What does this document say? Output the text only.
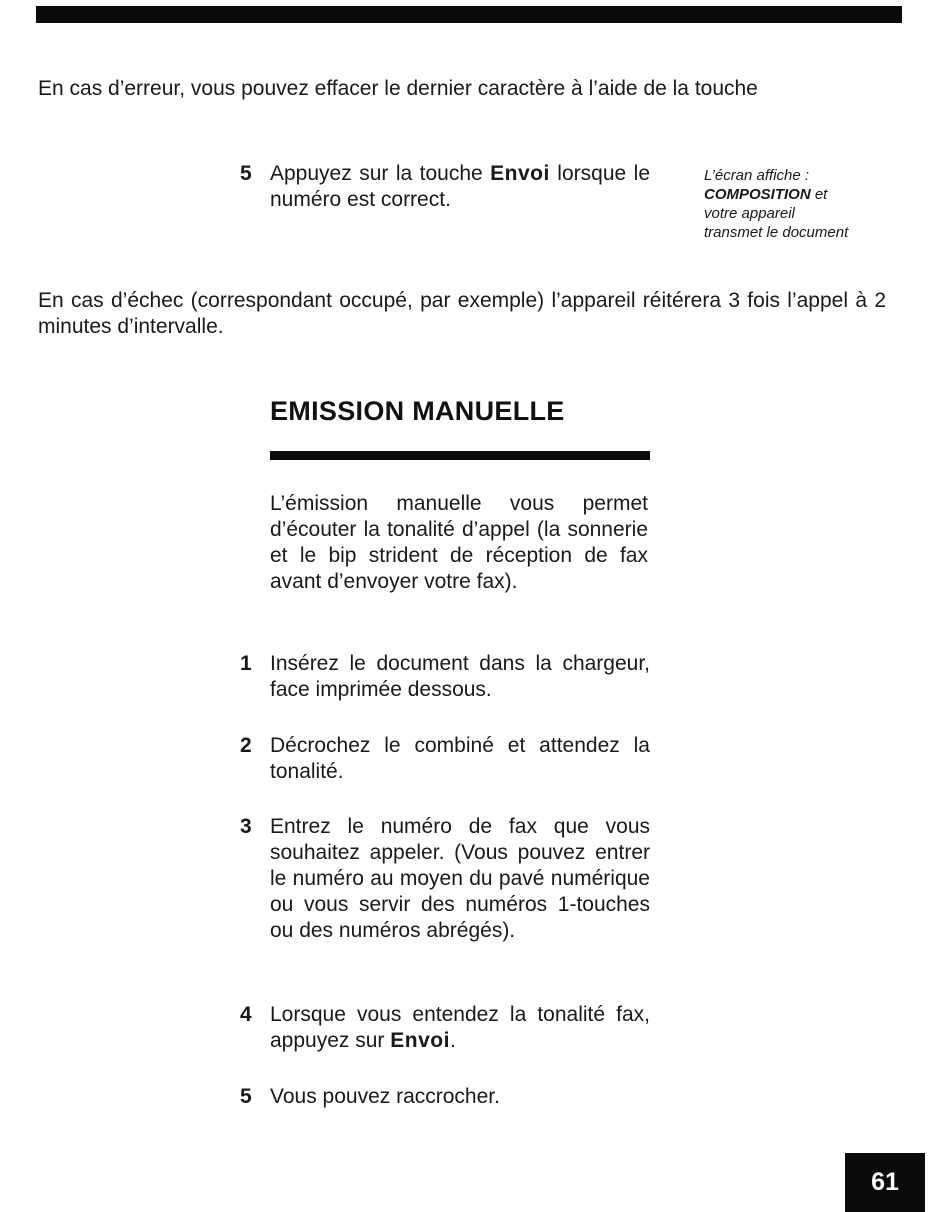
En cas d’erreur, vous pouvez effacer le dernier caractère à l’aide de la touche

5 Appuyez sur la touche Envoi lorsque le numéro est correct.
L’écran affiche :
COMPOSITION et
votre appareil
transmet le document

En cas d’échec (correspondant occupé, par exemple) l’appareil réitérera 3 fois l’appel à 2 minutes d’intervalle.

EMISSION MANUELLE

L’émission manuelle vous permet d’écouter la tonalité d’appel (la sonnerie et le bip strident de réception de fax avant d’envoyer votre fax).

1 Insérez le document dans la chargeur, face imprimée dessous.
2 Décrochez le combiné et attendez la tonalité.
3 Entrez le numéro de fax que vous souhaitez appeler. (Vous pouvez entrer le numéro au moyen du pavé numérique ou vous servir des numéros 1-touches ou des numéros abrégés).
4 Lorsque vous entendez la tonalité fax, appuyez sur Envoi.
5 Vous pouvez raccrocher.
61
